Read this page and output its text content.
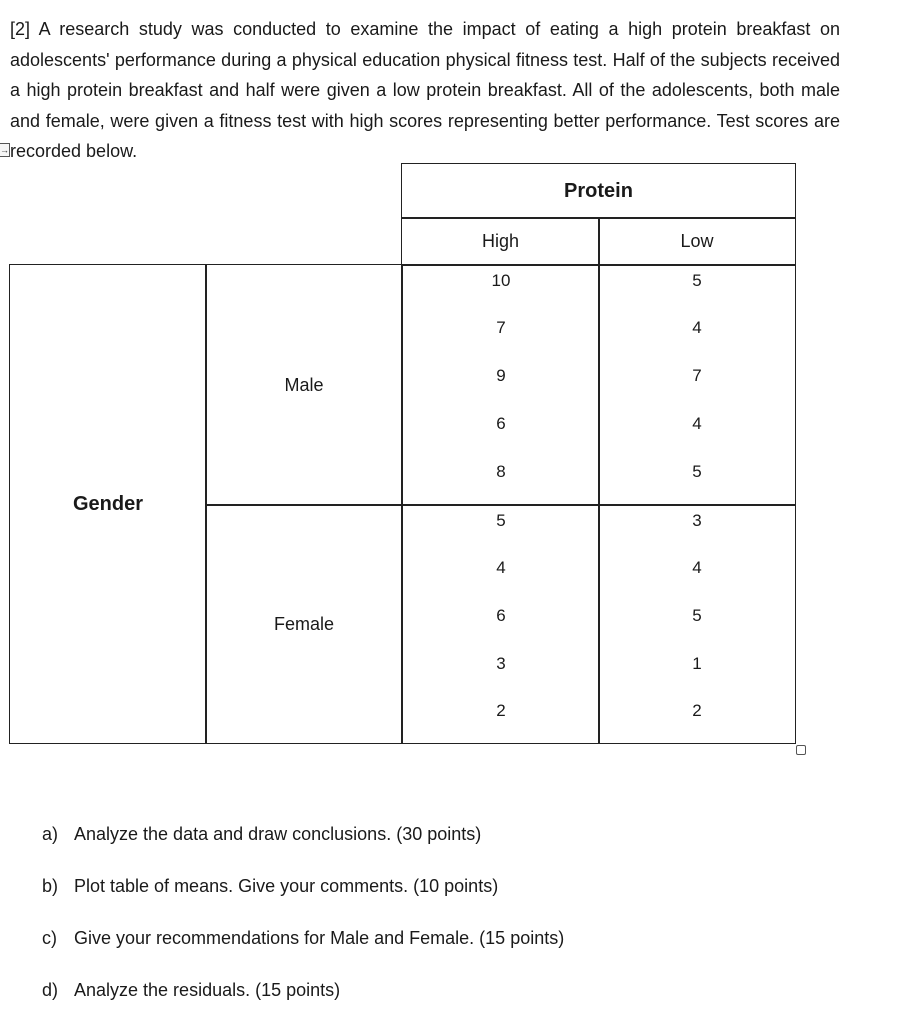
[2] A research study was conducted to examine the impact of eating a high protein breakfast on adolescents' performance during a physical education physical fitness test. Half of the subjects received a high protein breakfast and half were given a low protein breakfast. All of the adolescents, both male and female, were given a fitness test with high scores representing better performance. Test scores are recorded below.

→
Protein
High	Low
Gender
Male
Female
10
7
9
6
8
5
4
7
4
5
5
4
6
3
2
3
4
5
1
2
a) Analyze the data and draw conclusions. (30 points)
b) Plot table of means. Give your comments. (10 points)
c) Give your recommendations for Male and Female. (15 points)
d) Analyze the residuals. (15 points)
